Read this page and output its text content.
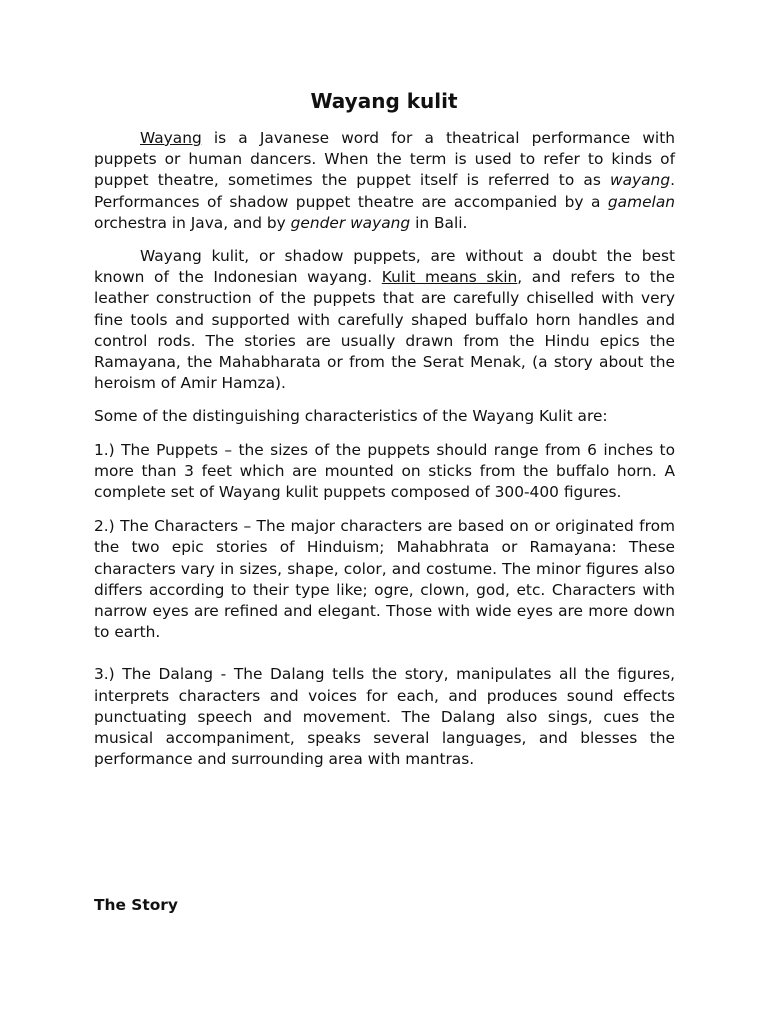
Wayang kulit

Wayang is a Javanese word for a theatrical performance with puppets or human dancers. When the term is used to refer to kinds of puppet theatre, sometimes the puppet itself is referred to as wayang. Performances of shadow puppet theatre are accompanied by a gamelan orchestra in Java, and by gender wayang in Bali.

Wayang kulit, or shadow puppets, are without a doubt the best known of the Indonesian wayang. Kulit means skin, and refers to the leather construction of the puppets that are carefully chiselled with very fine tools and supported with carefully shaped buffalo horn handles and control rods. The stories are usually drawn from the Hindu epics the Ramayana, the Mahabharata or from the Serat Menak, (a story about the heroism of Amir Hamza).

Some of the distinguishing characteristics of the Wayang Kulit are:

1.) The Puppets – the sizes of the puppets should range from 6 inches to more than 3 feet which are mounted on sticks from the buffalo horn. A complete set of Wayang kulit puppets composed of 300-400 figures.

2.) The Characters – The major characters are based on or originated from the two epic stories of Hinduism; Mahabhrata or Ramayana: These characters vary in sizes, shape, color, and costume. The minor figures also differs according to their type like; ogre, clown, god, etc. Characters with narrow eyes are refined and elegant. Those with wide eyes are more down to earth.

3.) The Dalang - The Dalang tells the story, manipulates all the figures, interprets characters and voices for each, and produces sound effects punctuating speech and movement. The Dalang also sings, cues the musical accompaniment, speaks several languages, and blesses the performance and surrounding area with mantras.

The Story
